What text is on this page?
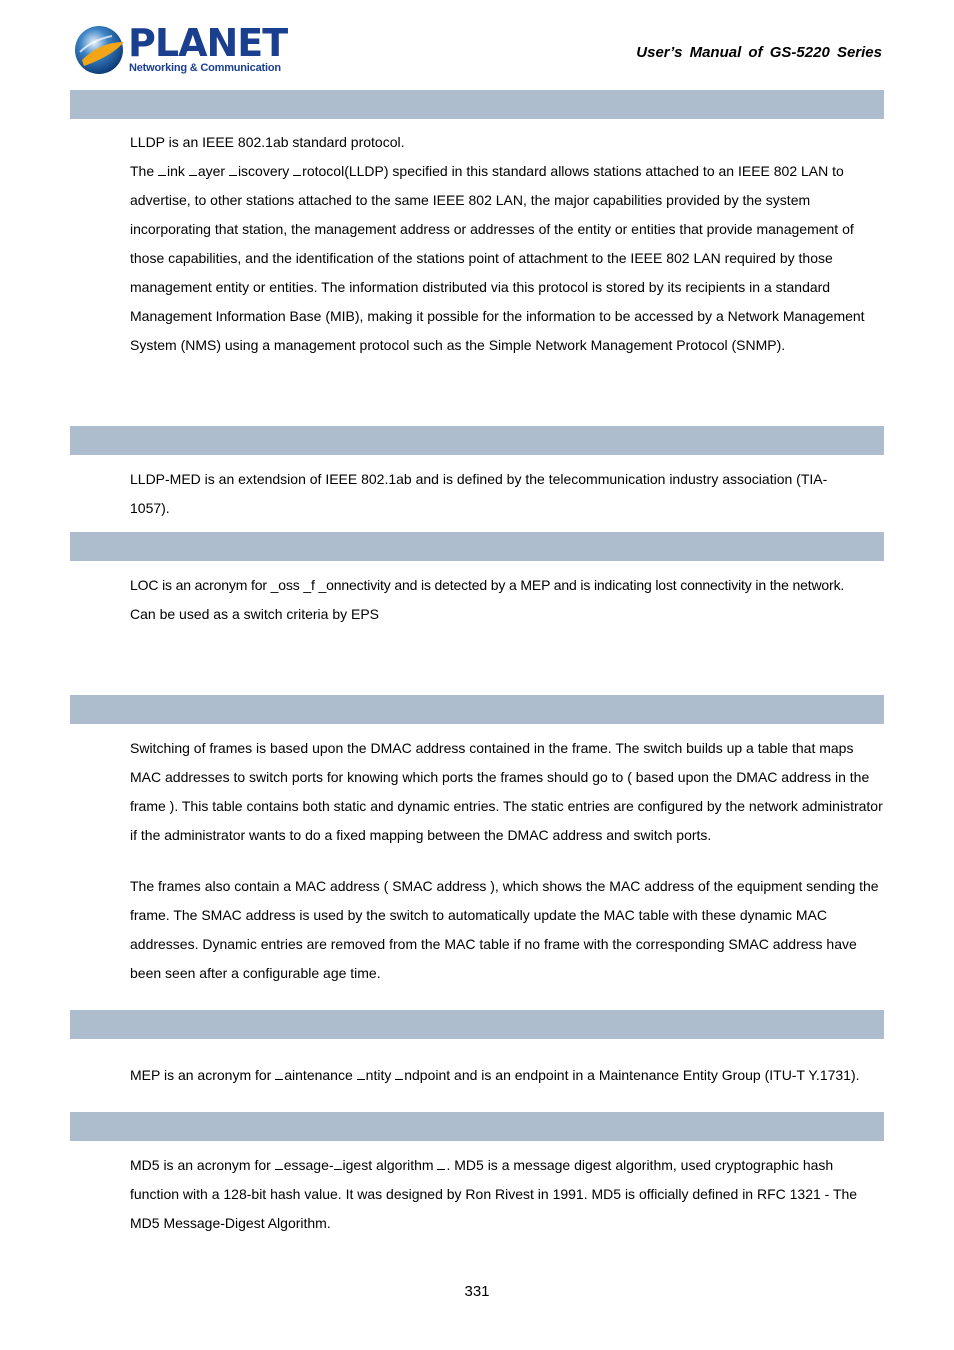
PLANET
Networking & Communication
User’s Manual of GS-5220 Series

LLDP is an IEEE 802.1ab standard protocol.

The ink ayer iscovery rotocol(LLDP) specified in this standard allows stations attached to an IEEE 802 LAN to advertise, to other stations attached to the same IEEE 802 LAN, the major capabilities provided by the system incorporating that station, the management address or addresses of the entity or entities that provide management of those capabilities, and the identification of the stations point of attachment to the IEEE 802 LAN required by those management entity or entities. The information distributed via this protocol is stored by its recipients in a standard Management Information Base (MIB), making it possible for the information to be accessed by a Network Management System (NMS) using a management protocol such as the Simple Network Management Protocol (SNMP).

LLDP-MED is an extendsion of IEEE 802.1ab and is defined by the telecommunication industry association (TIA-1057).

LOC is an acronym for _oss _f _onnectivity and is detected by a MEP and is indicating lost connectivity in the network.

Can be used as a switch criteria by EPS

Switching of frames is based upon the DMAC address contained in the frame. The switch builds up a table that maps MAC addresses to switch ports for knowing which ports the frames should go to ( based upon the DMAC address in the frame ). This table contains both static and dynamic entries. The static entries are configured by the network administrator if the administrator wants to do a fixed mapping between the DMAC address and switch ports.

The frames also contain a MAC address ( SMAC address ), which shows the MAC address of the equipment sending the frame. The SMAC address is used by the switch to automatically update the MAC table with these dynamic MAC addresses. Dynamic entries are removed from the MAC table if no frame with the corresponding SMAC address have been seen after a configurable age time.

MEP is an acronym for aintenance ntity ndpoint and is an endpoint in a Maintenance Entity Group (ITU-T Y.1731).

MD5 is an acronym for essage- igest algorithm . MD5 is a message digest algorithm, used cryptographic hash function with a 128-bit hash value. It was designed by Ron Rivest in 1991. MD5 is officially defined in RFC 1321 - The MD5 Message-Digest Algorithm.

331
